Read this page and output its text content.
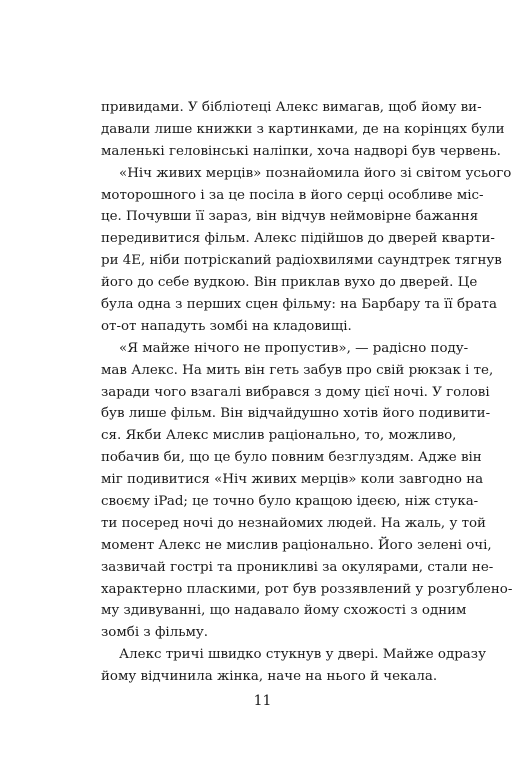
привидами. У бібліотеці Алекс вимагав, щоб йому ви-
давали лише книжки з картинками, де на корінцях були
маленькі геловінські наліпки, хоча надворі був червень.
«Ніч живих мерців» познайомила його зі світом усього
моторошного і за це посіла в його серці особливе міс-
це. Почувши її зараз, він відчув неймовірне бажання
передивитися фільм. Алекс підійшов до дверей кварти-
ри 4Е, ніби потріскаnий радіохвилями саундтрек тягнув
його до себе вудкою. Він приклав вухо до дверей. Це
була одна з перших сцен фільму: на Барбару та її брата
от-от нападуть зомбі на кладовищі.
«Я майже нічого не пропустив», — радісно поду-
мав Алекс. На мить він геть забув про свій рюкзак і те,
заради чого взагалі вибрався з дому цієї ночі. У голові
був лише фільм. Він відчайдушно хотів його подивити-
ся. Якби Алекс мислив раціонально, то, можливо,
побачив би, що це було повним безглуздям. Адже він
міг подивитися «Ніч живих мерців» коли завгодно на
своєму iPad; це точно було кращою ідеєю, ніж стука-
ти посеред ночі до незнайомих людей. На жаль, у той
момент Алекс не мислив раціонально. Його зелені очі,
зазвичай гострі та проникливі за окулярами, стали не-
характерно пласкими, рот був роззявлений у розгублено-
му здивуванні, що надавало йому схожості з одним
зомбі з фільму.
Алекс тричі швидко стукнув у двері. Майже одразу
йому відчинила жінка, наче на нього й чекала.
11
